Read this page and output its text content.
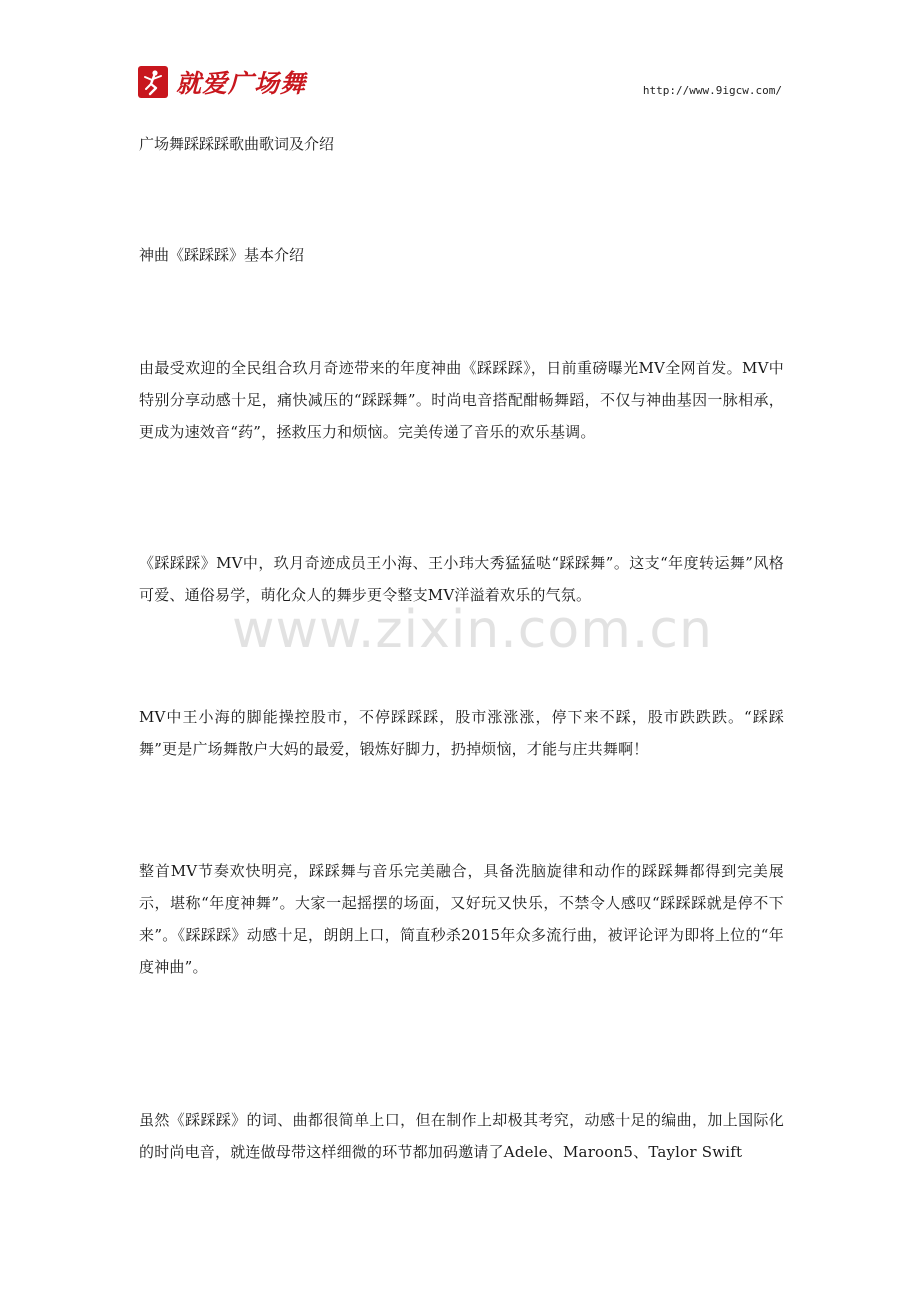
就爱广场舞	http://www.9igcw.com/
广场舞踩踩踩歌曲歌词及介绍
神曲《踩踩踩》基本介绍

由最受欢迎的全民组合玖月奇迹带来的年度神曲《踩踩踩》，日前重磅曝光MV全网首发。MV中特别分享动感十足，痛快减压的“踩踩舞”。时尚电音搭配酣畅舞蹈，不仅与神曲基因一脉相承，更成为速效音“药”，拯救压力和烦恼。完美传递了音乐的欢乐基调。

《踩踩踩》MV中，玖月奇迹成员王小海、王小玮大秀猛猛哒“踩踩舞”。这支“年度转运舞”风格可爱、通俗易学，萌化众人的舞步更令整支MV洋溢着欢乐的气氛。

MV中王小海的脚能操控股市，不停踩踩踩，股市涨涨涨，停下来不踩，股市跌跌跌。“踩踩舞”更是广场舞散户大妈的最爱，锻炼好脚力，扔掉烦恼，才能与庄共舞啊！

整首MV节奏欢快明亮，踩踩舞与音乐完美融合，具备洗脑旋律和动作的踩踩舞都得到完美展示，堪称“年度神舞”。大家一起摇摆的场面，又好玩又快乐，不禁令人感叹“踩踩踩就是停不下来”。《踩踩踩》动感十足，朗朗上口，简直秒杀2015年众多流行曲，被评论评为即将上位的“年度神曲”。

虽然《踩踩踩》的词、曲都很简单上口，但在制作上却极其考究，动感十足的编曲，加上国际化的时尚电音，就连做母带这样细微的环节都加码邀请了Adele、Maroon5、Taylor Swift

www.zixin.com.cn
